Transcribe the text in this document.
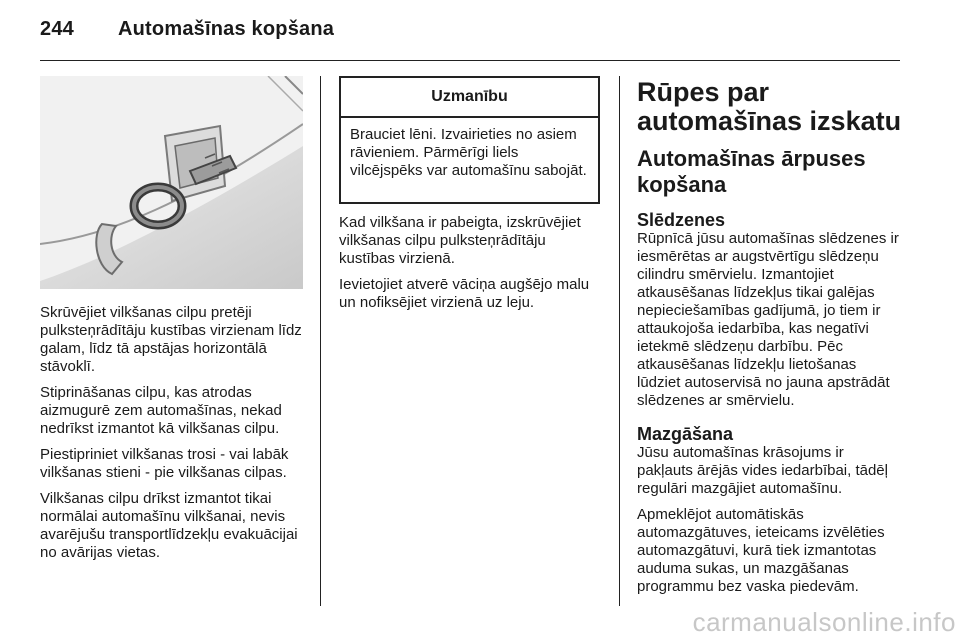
244 Automašīnas kopšana

Skrūvējiet vilkšanas cilpu pretēji pulksteņrādītāju kustības virzienam līdz galam, līdz tā apstājas horizontālā stāvoklī.

Stiprināšanas cilpu, kas atrodas aizmugurē zem automašīnas, nekad nedrīkst izmantot kā vilkšanas cilpu.

Piestipriniet vilkšanas trosi - vai labāk vilkšanas stieni - pie vilkšanas cilpas.

Vilkšanas cilpu drīkst izmantot tikai normālai automašīnu vilkšanai, nevis avarējušu transportlīdzekļu evakuācijai no avārijas vietas.

Uzmanību
Brauciet lēni. Izvairieties no asiem rāvieniem. Pārmērīgi liels vilcējspēks var automašīnu sabojāt.

Kad vilkšana ir pabeigta, izskrūvējiet vilkšanas cilpu pulksteņrādītāju kustības virzienā.

Ievietojiet atverē vāciņa augšējo malu un nofiksējiet virzienā uz leju.

Rūpes par automašīnas izskatu
Automašīnas ārpuses kopšana
Slēdzenes

Rūpnīcā jūsu automašīnas slēdzenes ir iesmērētas ar augstvērtīgu slēdzeņu cilindru smērvielu. Izmantojiet atkausēšanas līdzekļus tikai galējas nepieciešamības gadījumā, jo tiem ir attaukojoša iedarbība, kas negatīvi ietekmē slēdzeņu darbību. Pēc atkausēšanas līdzekļu lietošanas lūdziet autoservisā no jauna apstrādāt slēdzenes ar smērvielu.

Mazgāšana

Jūsu automašīnas krāsojums ir pakļauts ārējās vides iedarbībai, tādēļ regulāri mazgājiet automašīnu.

Apmeklējot automātiskās automazgātuves, ieteicams izvēlēties automazgātuvi, kurā tiek izmantotas auduma sukas, un mazgāšanas programmu bez vaska piedevām.

carmanualsonline.info
